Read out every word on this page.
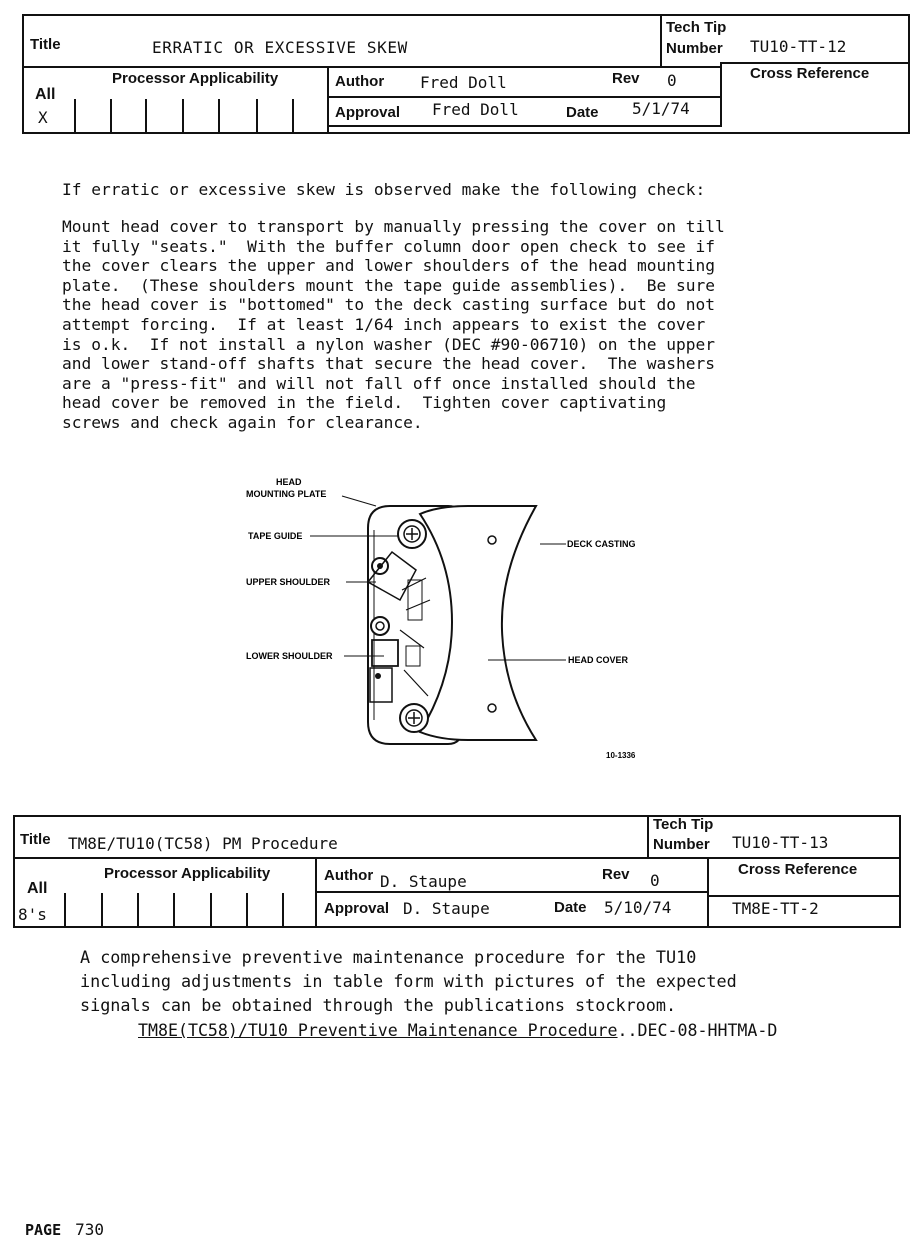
Title	ERRATIC OR EXCESSIVE SKEW
Tech Tip
Number TU10-TT-12
Processor Applicability
All
X
Author Fred Doll	Rev 0
Approval Fred Doll	Date 5/1/74
Cross Reference
If erratic or excessive skew is observed make the following check:
Mount head cover to transport by manually pressing the cover on till
it fully "seats."  With the buffer column door open check to see if
the cover clears the upper and lower shoulders of the head mounting
plate.  (These shoulders mount the tape guide assemblies).  Be sure
the head cover is "bottomed" to the deck casting surface but do not
attempt forcing.  If at least 1/64 inch appears to exist the cover
is o.k.  If not install a nylon washer (DEC #90-06710) on the upper
and lower stand-off shafts that secure the head cover.  The washers
are a "press-fit" and will not fall off once installed should the
head cover be removed in the field.  Tighten cover captivating
screws and check again for clearance.
HEAD
MOUNTING PLATE
TAPE GUIDE
UPPER SHOULDER
LOWER SHOULDER
DECK CASTING
HEAD COVER
10-1336
Title TM8E/TU10(TC58) PM Procedure
Tech Tip
Number TU10-TT-13
Processor Applicability
All
8's
Author D. Staupe	Rev 0
Approval D. Staupe	Date 5/10/74
Cross Reference
TM8E-TT-2
A comprehensive preventive maintenance procedure for the TU10
including adjustments in table form with pictures of the expected
signals can be obtained through the publications stockroom.
TM8E(TC58)/TU10 Preventive Maintenance Procedure..DEC-08-HHTMA-D
PAGE 730
